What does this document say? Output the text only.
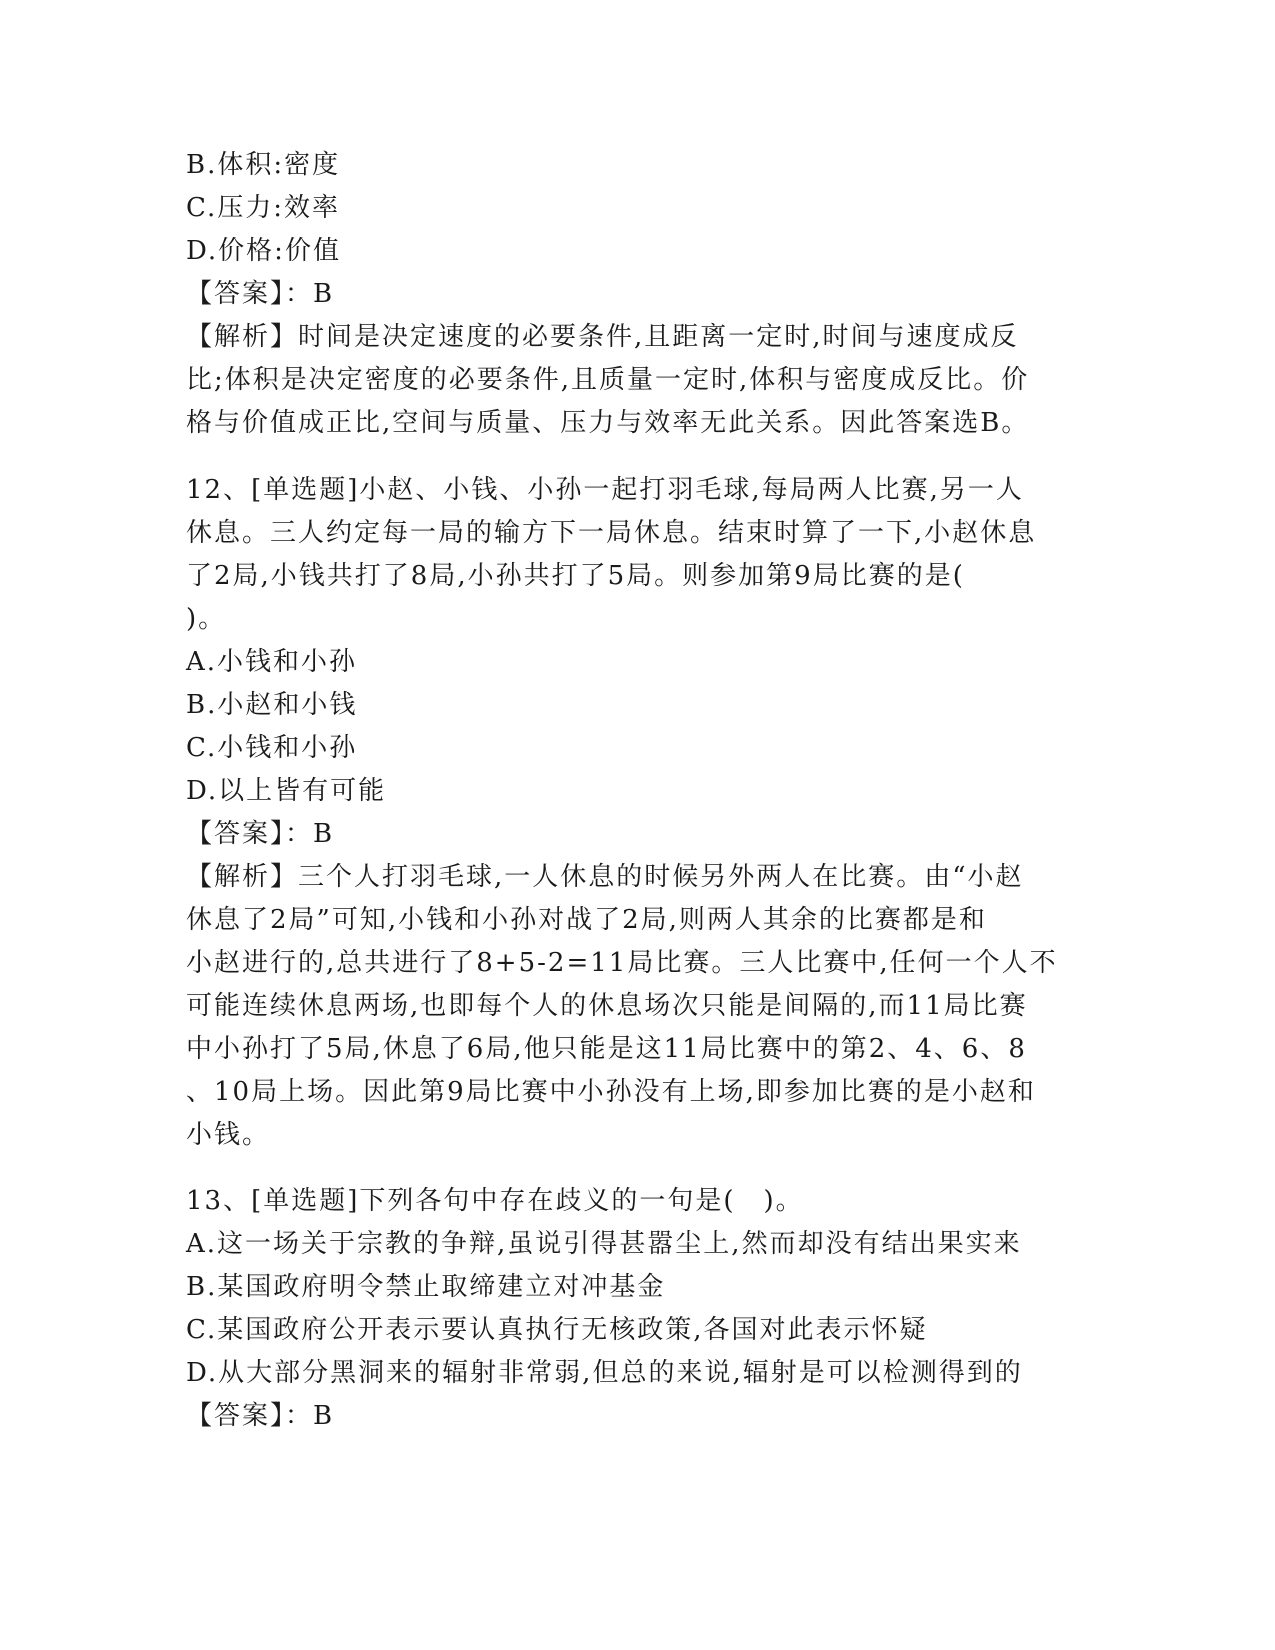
B.体积:密度
C.压力:效率
D.价格:价值
【答案】：B
【解析】时间是决定速度的必要条件,且距离一定时,时间与速度成反
比;体积是决定密度的必要条件,且质量一定时,体积与密度成反比。价
格与价值成正比,空间与质量、压力与效率无此关系。因此答案选B。
12、[单选题]小赵、小钱、小孙一起打羽毛球,每局两人比赛,另一人
休息。三人约定每一局的输方下一局休息。结束时算了一下,小赵休息
了2局,小钱共打了8局,小孙共打了5局。则参加第9局比赛的是(
)。
A.小钱和小孙
B.小赵和小钱
C.小钱和小孙
D.以上皆有可能
【答案】：B
【解析】三个人打羽毛球,一人休息的时候另外两人在比赛。由“小赵
休息了2局”可知,小钱和小孙对战了2局,则两人其余的比赛都是和
小赵进行的,总共进行了8+5-2=11局比赛。三人比赛中,任何一个人不
可能连续休息两场,也即每个人的休息场次只能是间隔的,而11局比赛
中小孙打了5局,休息了6局,他只能是这11局比赛中的第2、4、6、8
、10局上场。因此第9局比赛中小孙没有上场,即参加比赛的是小赵和
小钱。
13、[单选题]下列各句中存在歧义的一句是(　)。
A.这一场关于宗教的争辩,虽说引得甚嚣尘上,然而却没有结出果实来
B.某国政府明令禁止取缔建立对冲基金
C.某国政府公开表示要认真执行无核政策,各国对此表示怀疑
D.从大部分黑洞来的辐射非常弱,但总的来说,辐射是可以检测得到的
【答案】：B
